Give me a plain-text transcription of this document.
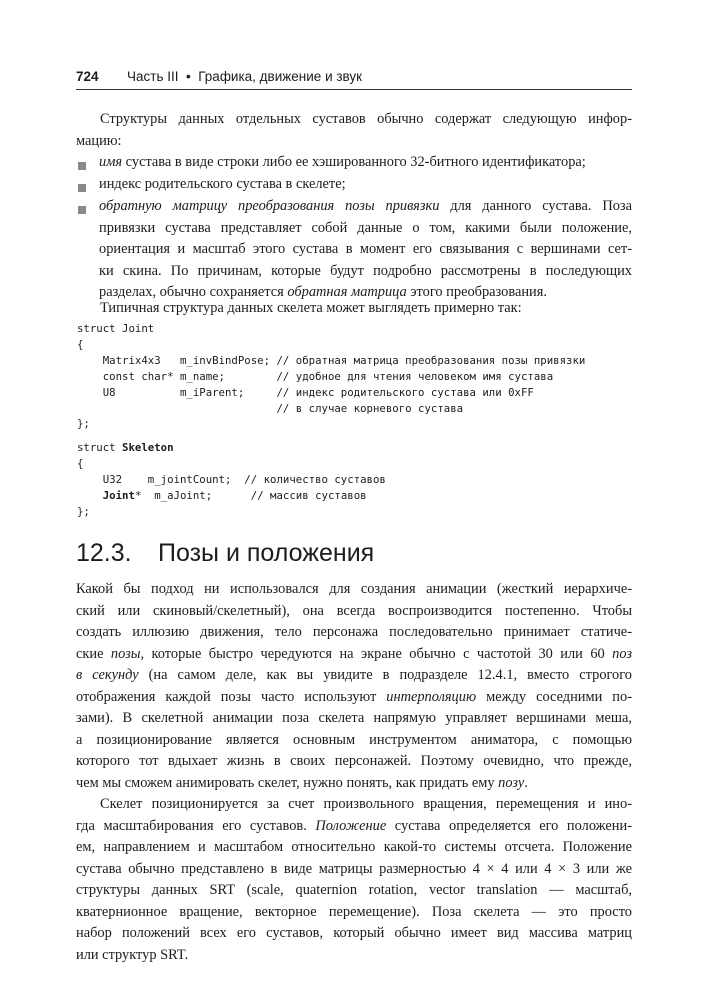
724 Часть III • Графика, движение и звук

Структуры данных отдельных суставов обычно содержат следующую инфор-
мацию:

имя сустава в виде строки либо ее хэшированного 32-битного идентификатора;

индекс родительского сустава в скелете;

обратную матрицу преобразования позы привязки для данного сустава. Поза
привязки сустава представляет собой данные о том, какими были положение,
ориентация и масштаб этого сустава в момент его связывания с вершинами сет-
ки скина. По причинам, которые будут подробно рассмотрены в последующих
разделах, обычно сохраняется обратная матрица этого преобразования.

Типичная структура данных скелета может выглядеть примерно так:

struct Joint
{
Matrix4x3   m_invBindPose; // обратная матрица преобразования позы привязки
const char* m_name;        // удобное для чтения человеком имя сустава
U8          m_iParent;     // индекс родительского сустава или 0xFF
// в случае корневого сустава
};
struct Skeleton
{
U32    m_jointCount;  // количество суставов
Joint*  m_aJoint;      // массив суставов
};
12.3. Позы и положения

Какой бы подход ни использовался для создания анимации (жесткий иерархиче-
ский или скиновый/скелетный), она всегда воспроизводится постепенно. Чтобы
создать иллюзию движения, тело персонажа последовательно принимает статиче-
ские позы, которые быстро чередуются на экране обычно с частотой 30 или 60 поз
в секунду (на самом деле, как вы увидите в подразделе 12.4.1, вместо строгого
отображения каждой позы часто используют интерполяцию между соседними по-
зами). В скелетной анимации поза скелета напрямую управляет вершинами меша,
а позиционирование является основным инструментом аниматора, с помощью
которого тот вдыхает жизнь в своих персонажей. Поэтому очевидно, что прежде,
чем мы сможем анимировать скелет, нужно понять, как придать ему позу.

Скелет позиционируется за счет произвольного вращения, перемещения и ино-
гда масштабирования его суставов. Положение сустава определяется его положени-
ем, направлением и масштабом относительно какой-то системы отсчета. Положение
сустава обычно представлено в виде матрицы размерностью 4 × 4 или 4 × 3 или же
структуры данных SRT (scale, quaternion rotation, vector translation — масштаб,
кватернионное вращение, векторное перемещение). Поза скелета — это просто
набор положений всех его суставов, который обычно имеет вид массива матриц
или структур SRT.
